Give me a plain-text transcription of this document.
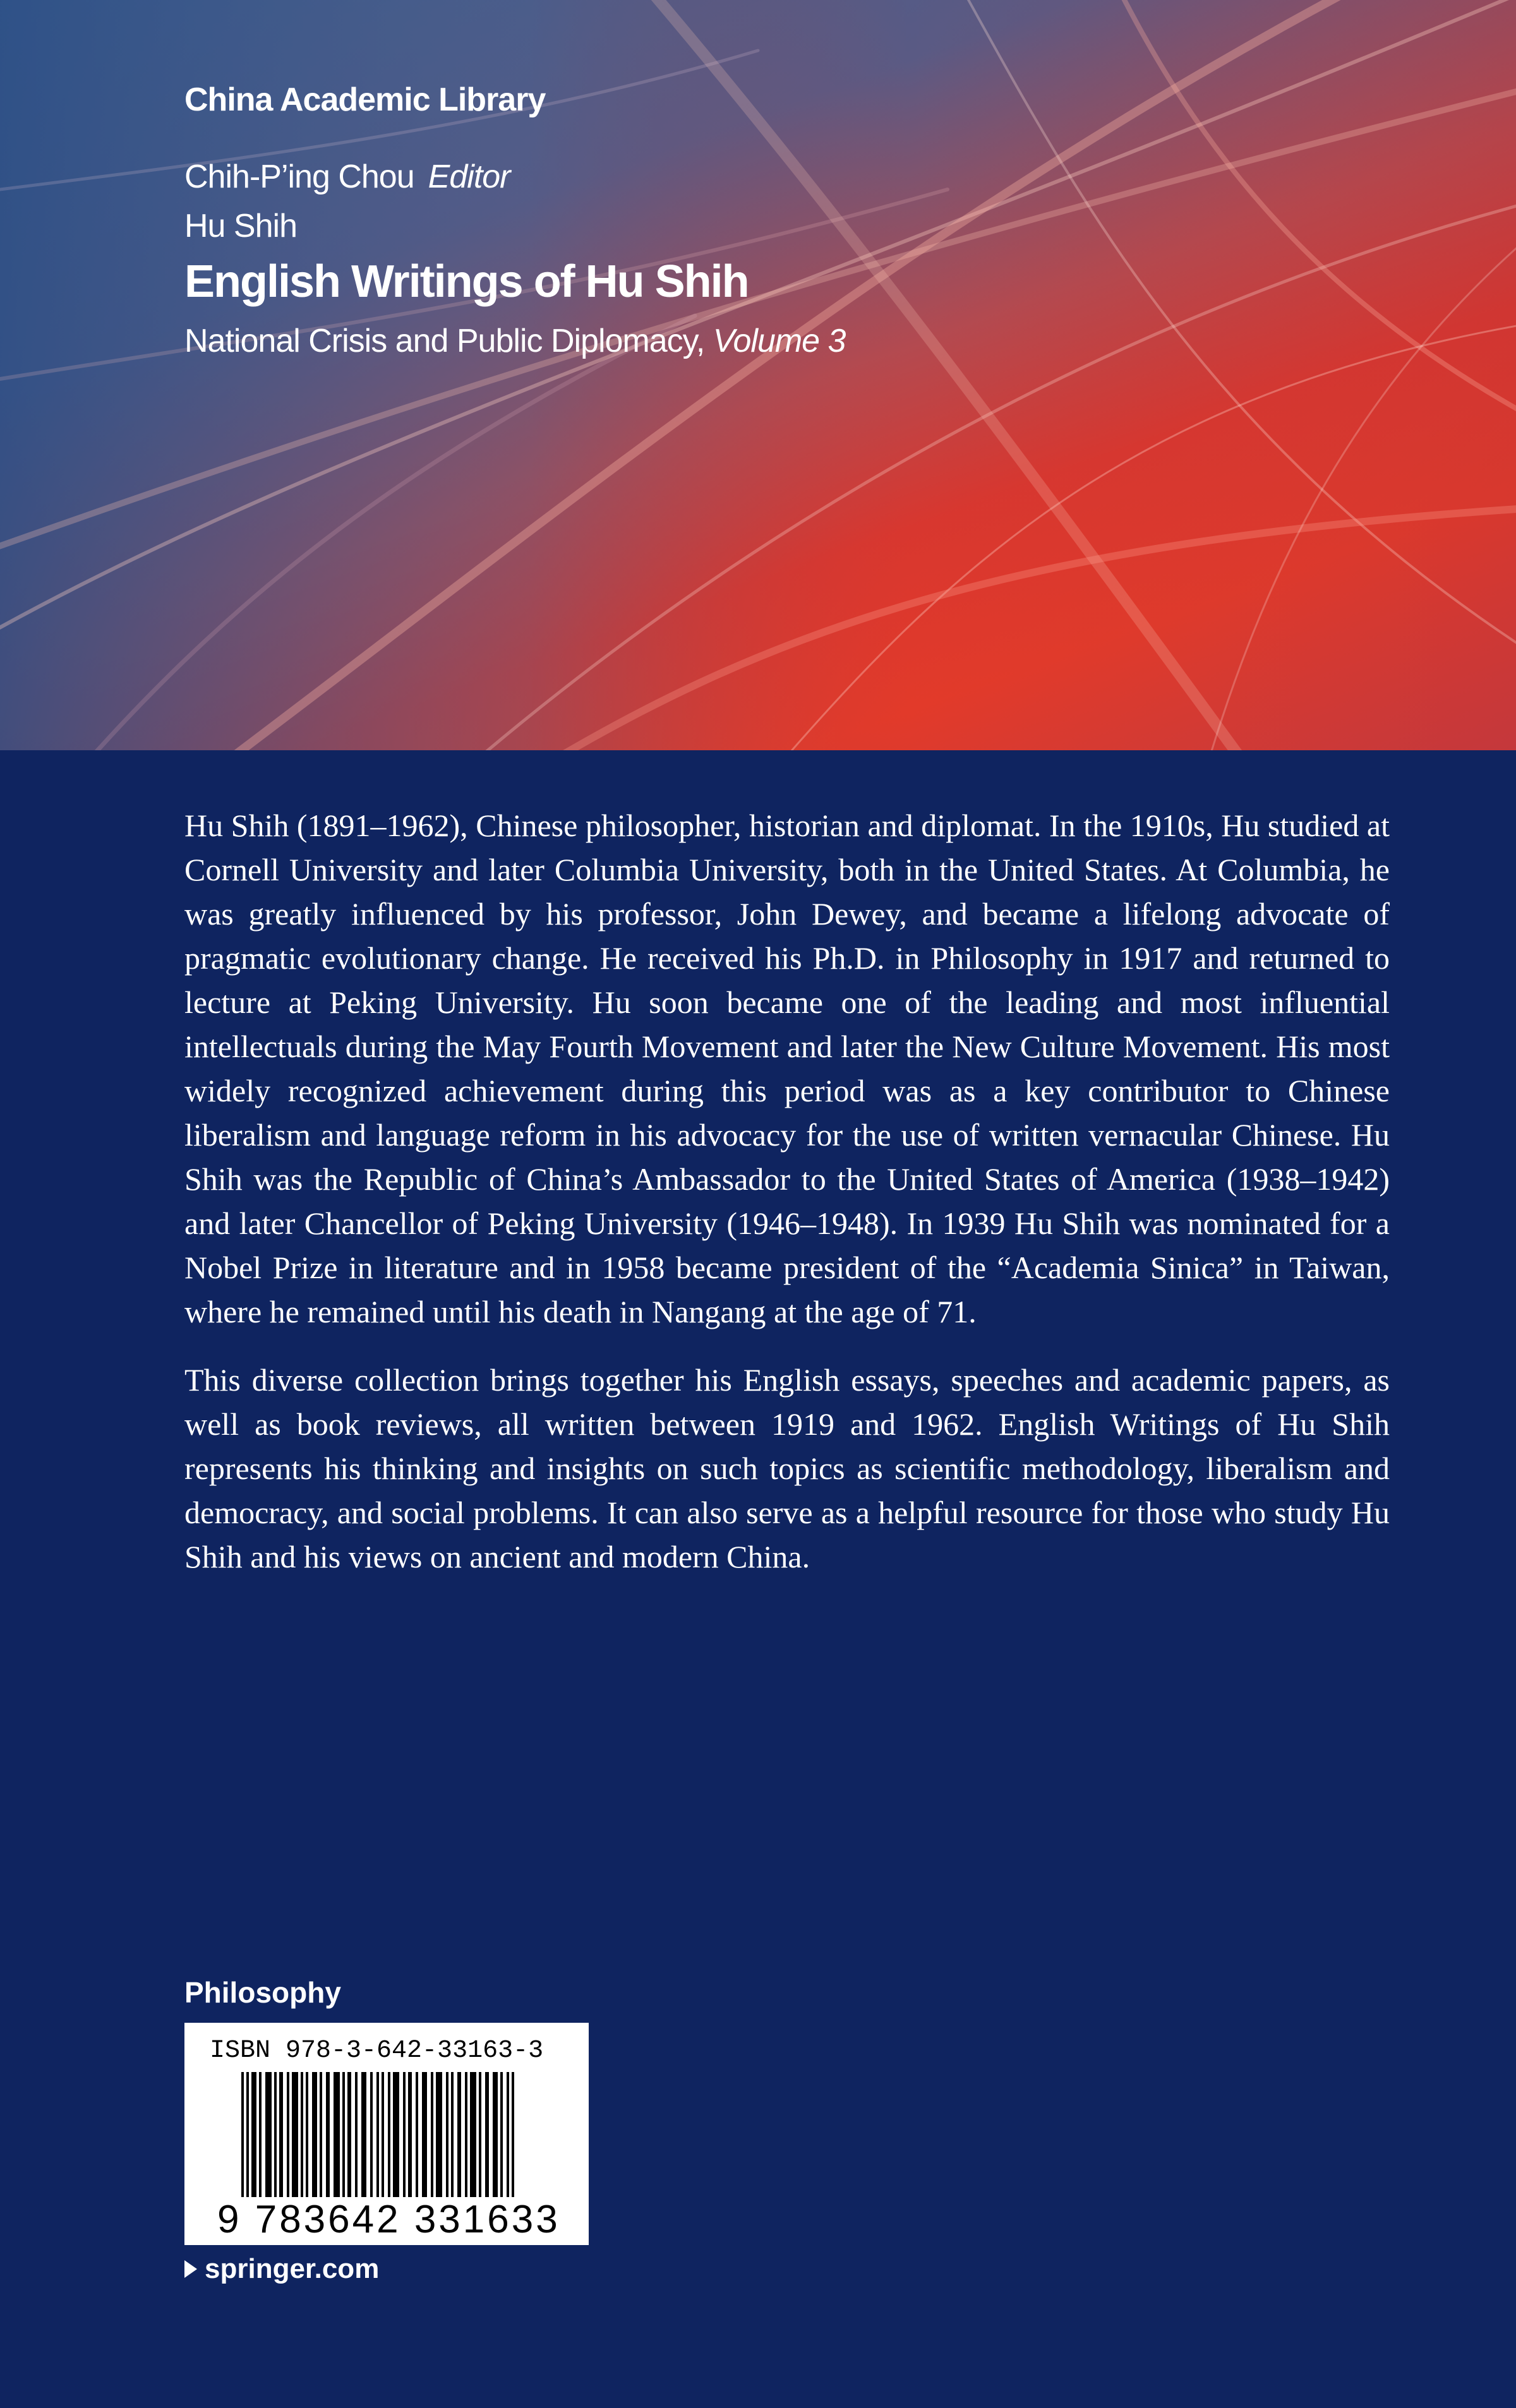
China Academic Library
Chih-P’ing Chou Editor
Hu Shih
English Writings of Hu Shih
National Crisis and Public Diplomacy, Volume 3

Hu Shih (1891–1962), Chinese philosopher, historian and diplomat. In the 1910s, Hu studied at Cornell University and later Columbia University, both in the United States. At Columbia, he was greatly influenced by his professor, John Dewey, and became a lifelong advocate of pragmatic evolutionary change. He received his Ph.D. in Philosophy in 1917 and returned to lecture at Peking University. Hu soon became one of the leading and most influential intellectuals during the May Fourth Movement and later the New Culture Movement. His most widely recognized achievement during this period was as a key contributor to Chinese liberalism and language reform in his advocacy for the use of written vernacular Chinese. Hu Shih was the Republic of China’s Ambassador to the United States of America (1938–1942) and later Chancellor of Peking University (1946–1948). In 1939 Hu Shih was nominated for a Nobel Prize in literature and in 1958 became president of the “Academia Sinica” in Taiwan, where he remained until his death in Nangang at the age of 71.

This diverse collection brings together his English essays, speeches and academic papers, as well as book reviews, all written between 1919 and 1962. English Writings of Hu Shih represents his thinking and insights on such topics as scientific methodology, liberalism and democracy, and social problems. It can also serve as a helpful resource for those who study Hu Shih and his views on ancient and modern China.

Philosophy
ISBN 978-3-642-33163-3
9 783642 331633
springer.com
